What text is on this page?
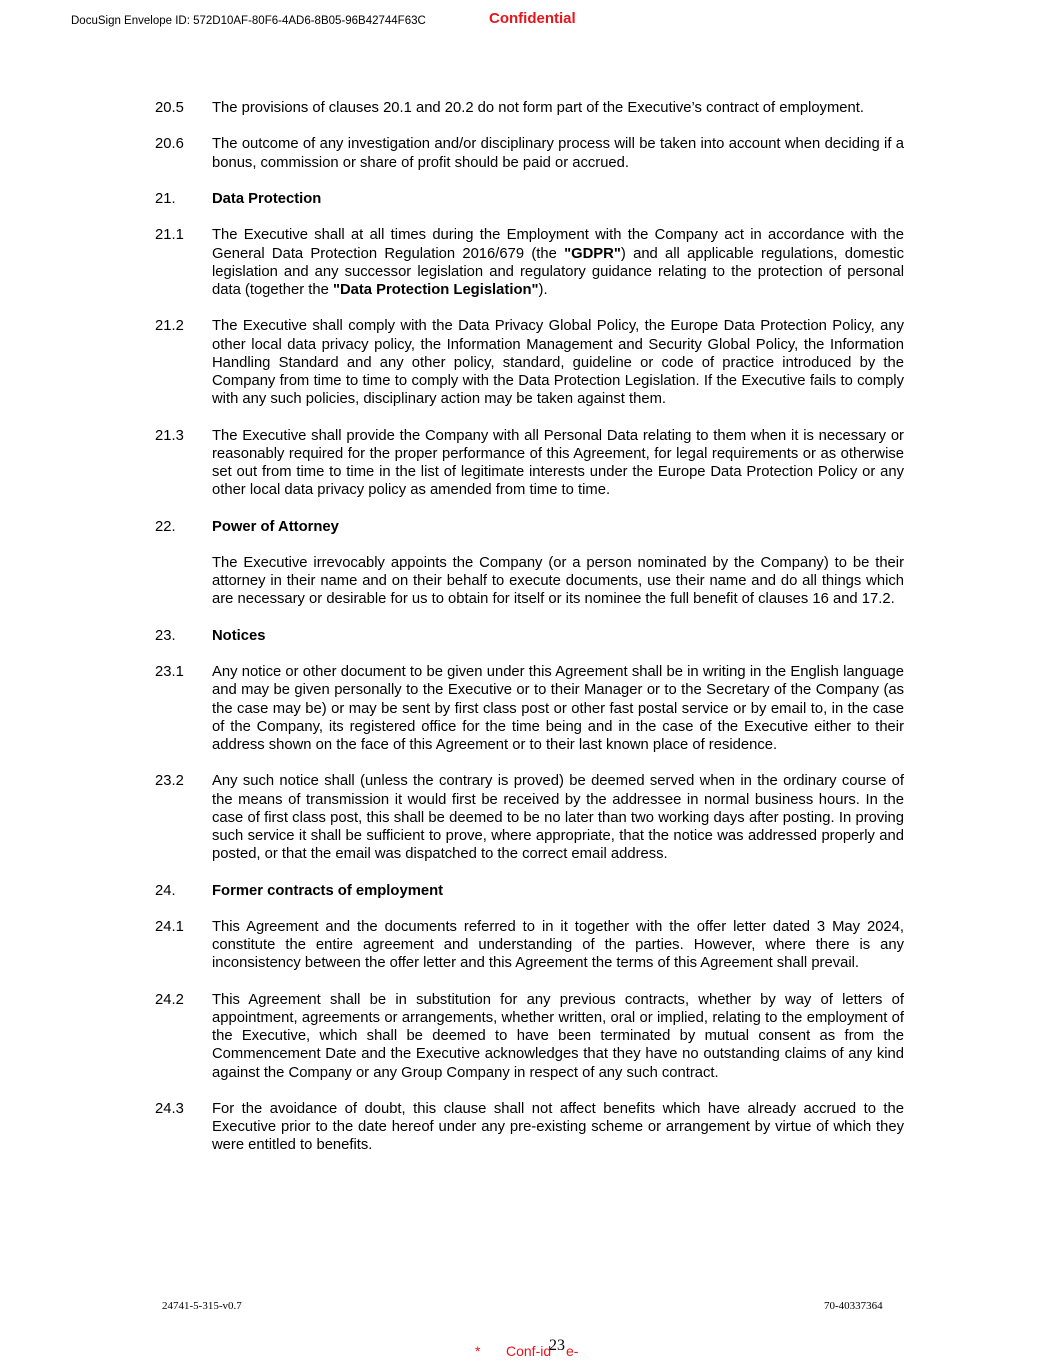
DocuSign Envelope ID: 572D10AF-80F6-4AD6-8B05-96B42744F63C	Confidential
20.5	The provisions of clauses 20.1 and 20.2 do not form part of the Executive’s contract of employment.
20.6	The outcome of any investigation and/or disciplinary process will be taken into account when deciding if a bonus, commission or share of profit should be paid or accrued.
21.	Data Protection
21.1	The Executive shall at all times during the Employment with the Company act in accordance with the General Data Protection Regulation 2016/679 (the "GDPR") and all applicable regulations, domestic legislation and any successor legislation and regulatory guidance relating to the protection of personal data (together the "Data Protection Legislation").
21.2	The Executive shall comply with the Data Privacy Global Policy, the Europe Data Protection Policy, any other local data privacy policy, the Information Management and Security Global Policy, the Information Handling Standard and any other policy, standard, guideline or code of practice introduced by the Company from time to time to comply with the Data Protection Legislation. If the Executive fails to comply with any such policies, disciplinary action may be taken against them.
21.3	The Executive shall provide the Company with all Personal Data relating to them when it is necessary or reasonably required for the proper performance of this Agreement, for legal requirements or as otherwise set out from time to time in the list of legitimate interests under the Europe Data Protection Policy or any other local data privacy policy as amended from time to time.
22.	Power of Attorney
The Executive irrevocably appoints the Company (or a person nominated by the Company) to be their attorney in their name and on their behalf to execute documents, use their name and do all things which are necessary or desirable for us to obtain for itself or its nominee the full benefit of clauses 16 and 17.2.
23.	Notices
23.1	Any notice or other document to be given under this Agreement shall be in writing in the English language and may be given personally to the Executive or to their Manager or to the Secretary of the Company (as the case may be) or may be sent by first class post or other fast postal service or by email to, in the case of the Company, its registered office for the time being and in the case of the Executive either to their address shown on the face of this Agreement or to their last known place of residence.
23.2	Any such notice shall (unless the contrary is proved) be deemed served when in the ordinary course of the means of transmission it would first be received by the addressee in normal business hours. In the case of first class post, this shall be deemed to be no later than two working days after posting. In proving such service it shall be sufficient to prove, where appropriate, that the notice was addressed properly and posted, or that the email was dispatched to the correct email address.
24.	Former contracts of employment
24.1	This Agreement and the documents referred to in it together with the offer letter dated 3 May 2024, constitute the entire agreement and understanding of the parties. However, where there is any inconsistency between the offer letter and this Agreement the terms of this Agreement shall prevail.
24.2	This Agreement shall be in substitution for any previous contracts, whether by way of letters of appointment, agreements or arrangements, whether written, oral or implied, relating to the employment of the Executive, which shall be deemed to have been terminated by mutual consent as from the Commencement Date and the Executive acknowledges that they have no outstanding claims of any kind against the Company or any Group Company in respect of any such contract.
24.3	For the avoidance of doubt, this clause shall not affect benefits which have already accrued to the Executive prior to the date hereof under any pre-existing scheme or arrangement by virtue of which they were entitled to benefits.
24741-5-315-v0.7	70-40337364
* Conf-id
23 e-
